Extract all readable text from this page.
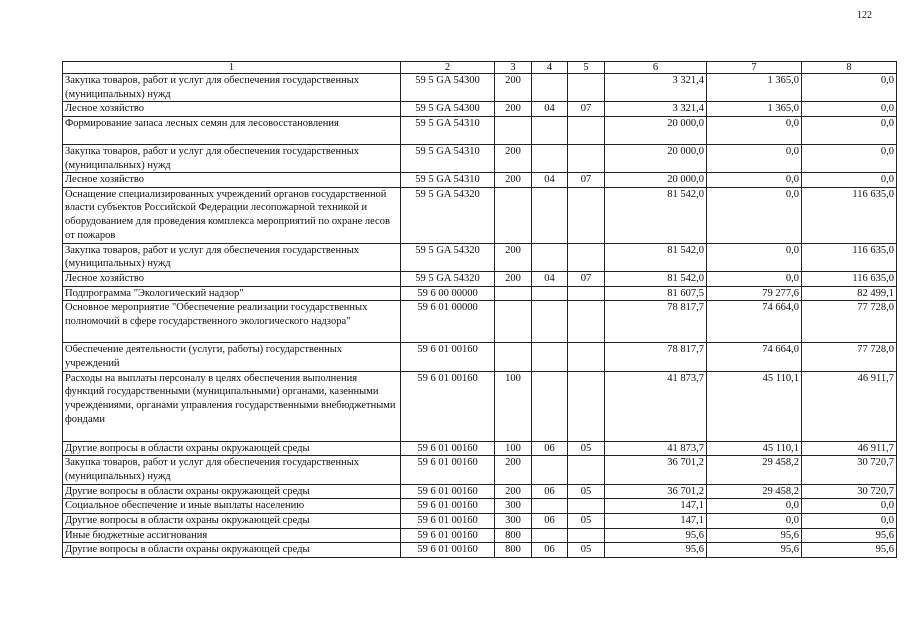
122
1	2	3	4	5	6	7	8
Закупка товаров, работ и услуг для обеспечения государственных (муниципальных) нужд	59 5 GA 54300	200			3 321,4	1 365,0	0,0
Лесное хозяйство	59 5 GA 54300	200	04	07	3 321,4	1 365,0	0,0
Формирование запаса лесных семян для лесовосстановления	59 5 GA 54310				20 000,0	0,0	0,0
Закупка товаров, работ и услуг для обеспечения государственных (муниципальных) нужд	59 5 GA 54310	200			20 000,0	0,0	0,0
Лесное хозяйство	59 5 GA 54310	200	04	07	20 000,0	0,0	0,0
Оснащение специализированных учреждений органов государственной власти субъектов Российской Федерации лесопожарной техникой и оборудованием для проведения комплекса мероприятий по охране лесов от пожаров	59 5 GA 54320				81 542,0	0,0	116 635,0
Закупка товаров, работ и услуг для обеспечения государственных (муниципальных) нужд	59 5 GA 54320	200			81 542,0	0,0	116 635,0
Лесное хозяйство	59 5 GA 54320	200	04	07	81 542,0	0,0	116 635,0
Подпрограмма "Экологический надзор"	59 6 00 00000				81 607,5	79 277,6	82 499,1
Основное мероприятие "Обеспечение реализации государственных полномочий в сфере государственного экологического надзора"	59 6 01 00000				78 817,7	74 664,0	77 728,0
Обеспечение деятельности (услуги, работы) государственных учреждений	59 6 01 00160				78 817,7	74 664,0	77 728,0
Расходы на выплаты персоналу в целях обеспечения выполнения функций государственными (муниципальными) органами, казенными учреждениями, органами управления государственными внебюджетными фондами	59 6 01 00160	100			41 873,7	45 110,1	46 911,7
Другие вопросы в области охраны окружающей среды	59 6 01 00160	100	06	05	41 873,7	45 110,1	46 911,7
Закупка товаров, работ и услуг для обеспечения государственных (муниципальных) нужд	59 6 01 00160	200			36 701,2	29 458,2	30 720,7
Другие вопросы в области охраны окружающей среды	59 6 01 00160	200	06	05	36 701,2	29 458,2	30 720,7
Социальное обеспечение и иные выплаты населению	59 6 01 00160	300			147,1	0,0	0,0
Другие вопросы в области охраны окружающей среды	59 6 01 00160	300	06	05	147,1	0,0	0,0
Иные бюджетные ассигнования	59 6 01 00160	800			95,6	95,6	95,6
Другие вопросы в области охраны окружающей среды	59 6 01 00160	800	06	05	95,6	95,6	95,6
